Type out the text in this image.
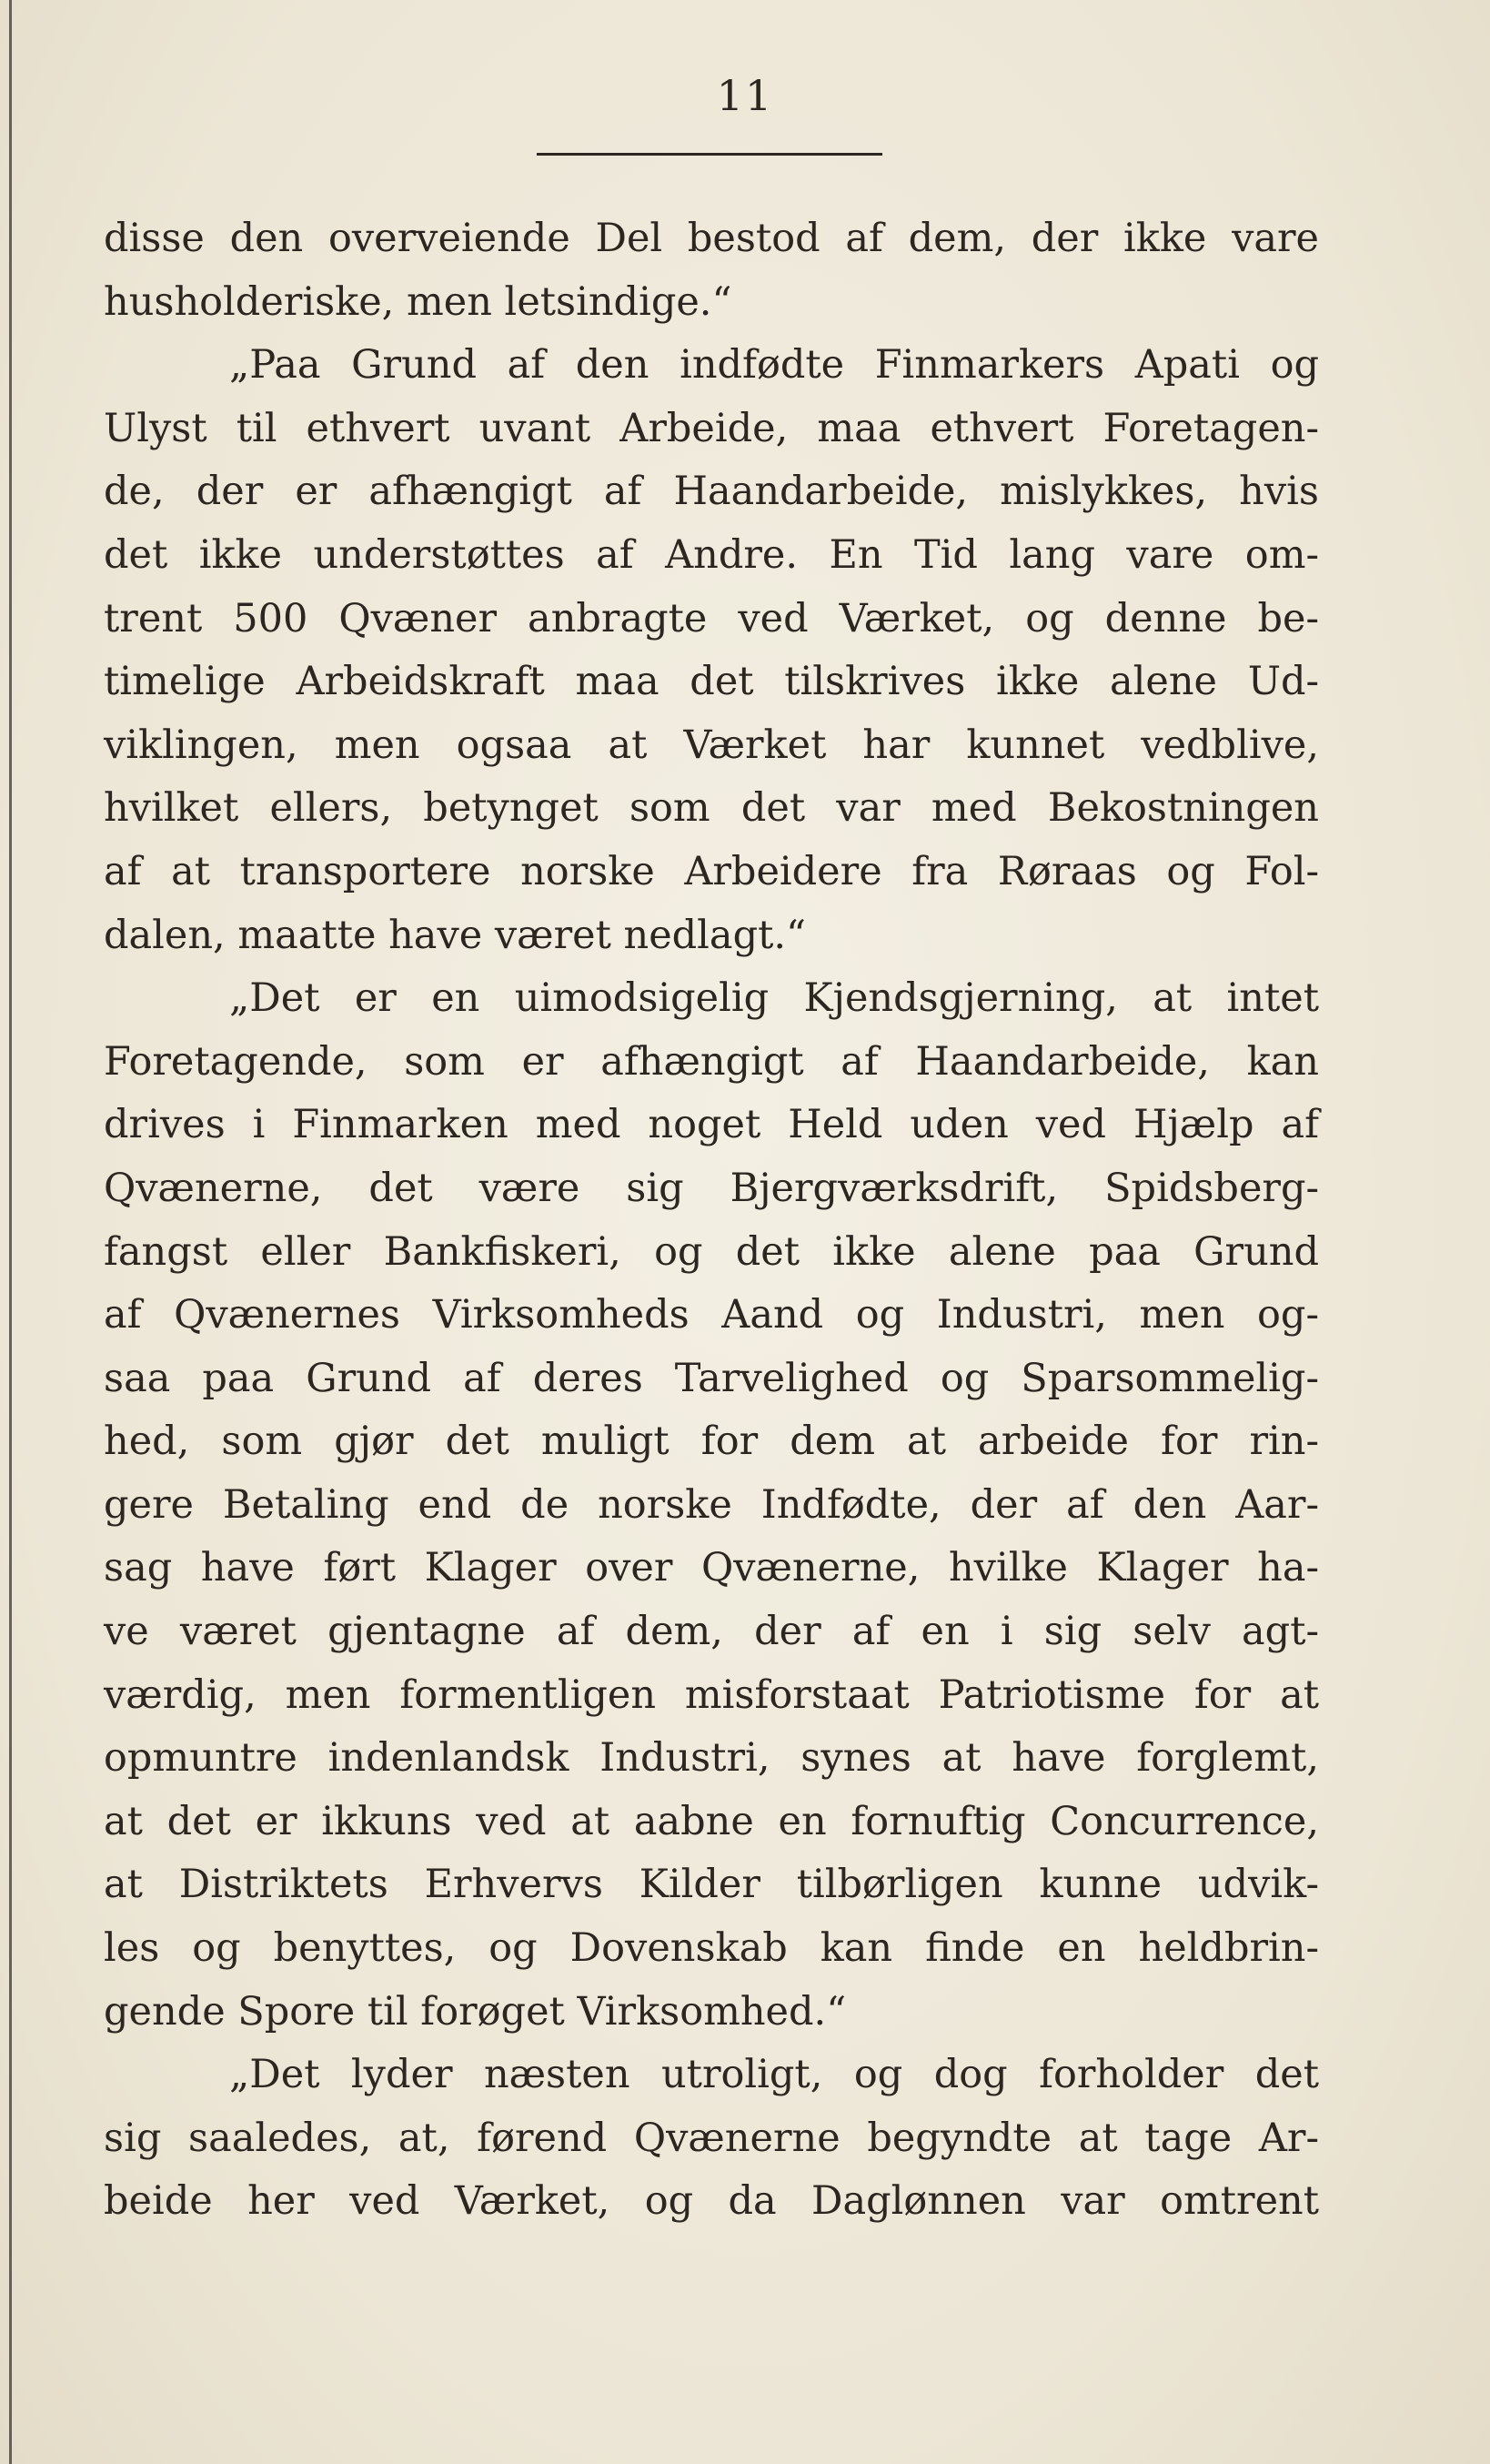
11
disse den overveiende Del bestod af dem, der ikke vare
husholderiske, men letsindige.“
„Paa Grund af den indfødte Finmarkers Apati og
Ulyst til ethvert uvant Arbeide, maa ethvert Foretagen-
de, der er afhængigt af Haandarbeide, mislykkes, hvis
det ikke understøttes af Andre. En Tid lang vare om-
trent 500 Qvæner anbragte ved Værket, og denne be-
timelige Arbeidskraft maa det tilskrives ikke alene Ud-
viklingen, men ogsaa at Værket har kunnet vedblive,
hvilket ellers, betynget som det var med Bekostningen
af at transportere norske Arbeidere fra Røraas og Fol-
dalen, maatte have været nedlagt.“
„Det er en uimodsigelig Kjendsgjerning, at intet
Foretagende, som er afhængigt af Haandarbeide, kan
drives i Finmarken med noget Held uden ved Hjælp af
Qvænerne, det være sig Bjergværksdrift, Spidsberg-
fangst eller Bankfiskeri, og det ikke alene paa Grund
af Qvænernes Virksomheds Aand og Industri, men og-
saa paa Grund af deres Tarvelighed og Sparsommelig-
hed, som gjør det muligt for dem at arbeide for rin-
gere Betaling end de norske Indfødte, der af den Aar-
sag have ført Klager over Qvænerne, hvilke Klager ha-
ve været gjentagne af dem, der af en i sig selv agt-
værdig, men formentligen misforstaat Patriotisme for at
opmuntre indenlandsk Industri, synes at have forglemt,
at det er ikkuns ved at aabne en fornuftig Concurrence,
at Distriktets Erhvervs Kilder tilbørligen kunne udvik-
les og benyttes, og Dovenskab kan finde en heldbrin-
gende Spore til forøget Virksomhed.“
„Det lyder næsten utroligt, og dog forholder det
sig saaledes, at, førend Qvænerne begyndte at tage Ar-
beide her ved Værket, og da Daglønnen var omtrent
